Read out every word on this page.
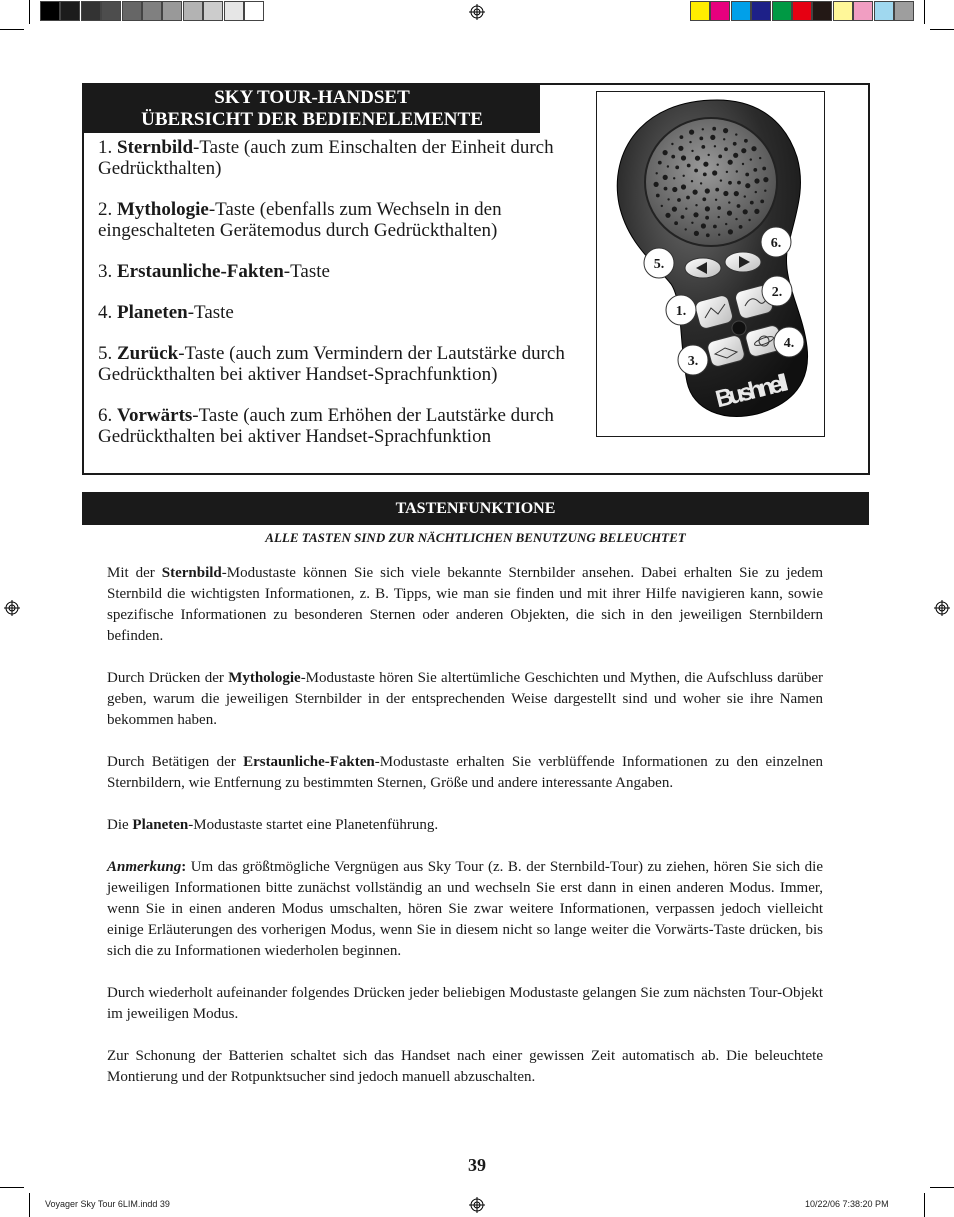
SKY TOUR-HANDSET
ÜBERSICHT DER BEDIENELEMENTE
1. Sternbild-Taste (auch zum Einschalten der Einheit durch Gedrückthalten)
2. Mythologie-Taste (ebenfalls zum Wechseln in den eingeschalteten Gerätemodus durch Gedrückthalten)
3. Erstaunliche-Fakten-Taste
4. Planeten-Taste
5. Zurück-Taste (auch zum Vermindern der Lautstärke durch Gedrückthalten bei aktiver Handset-Sprachfunktion)
6. Vorwärts-Taste (auch zum Erhöhen der Lautstärke durch Gedrückthalten bei aktiver Handset-Sprachfunktion
Bushnell
6.
5.
2.
1.
4.
3.
TASTENFUNKTIONE
ALLE TASTEN SIND ZUR NÄCHTLICHEN BENUTZUNG BELEUCHTET

Mit der Sternbild-Modustaste können Sie sich viele bekannte Sternbilder ansehen. Dabei erhalten Sie zu jedem Sternbild die wichtigsten Informationen, z. B. Tipps, wie man sie finden und mit ihrer Hilfe navigieren kann, sowie spezifische Informationen zu besonderen Sternen oder anderen Objekten, die sich in den jeweiligen Sternbildern befinden.

Durch Drücken der Mythologie-Modustaste hören Sie altertümliche Geschichten und Mythen, die Aufschluss darüber geben, warum die jeweiligen Sternbilder in der entsprechenden Weise dargestellt sind und woher sie ihre Namen bekommen haben.

Durch Betätigen der Erstaunliche-Fakten-Modustaste erhalten Sie verblüffende Informationen zu den einzelnen Sternbildern, wie Entfernung zu bestimmten Sternen, Größe und andere interessante Angaben.

Die Planeten-Modustaste startet eine Planetenführung.

Anmerkung: Um das größtmögliche Vergnügen aus Sky Tour (z. B. der Sternbild-Tour) zu ziehen, hören Sie sich die jeweiligen Informationen bitte zunächst vollständig an und wechseln Sie erst dann in einen anderen Modus. Immer, wenn Sie in einen anderen Modus umschalten, hören Sie zwar weitere Informationen, verpassen jedoch vielleicht einige Erläuterungen des vorherigen Modus, wenn Sie in diesem nicht so lange weiter die Vorwärts-Taste drücken, bis sich die zu Informationen wiederholen beginnen.

Durch wiederholt aufeinander folgendes Drücken jeder beliebigen Modustaste gelangen Sie zum nächsten Tour-Objekt im jeweiligen Modus.

Zur Schonung der Batterien schaltet sich das Handset nach einer gewissen Zeit automatisch ab. Die beleuchtete Montierung und der Rotpunktsucher sind jedoch manuell abzuschalten.

39
Voyager Sky Tour 6LIM.indd 39	10/22/06 7:38:20 PM
